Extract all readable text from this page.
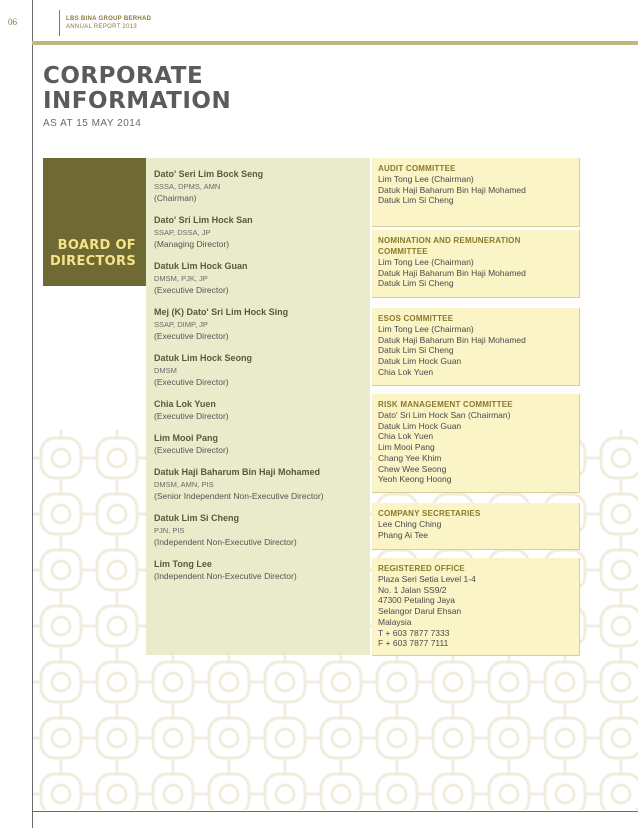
06	LBS BINA GROUP BERHAD
ANNUAL REPORT 2013
CORPORATE
INFORMATION
AS AT 15 MAY 2014
BOARD OF
DIRECTORS
Dato' Seri Lim Bock Seng
SSSA, DPMS, AMN
(Chairman)
Dato' Sri Lim Hock San
SSAP, DSSA, JP
(Managing Director)
Datuk Lim Hock Guan
DMSM, PJK, JP
(Executive Director)
Mej (K) Dato' Sri Lim Hock Sing
SSAP, DIMP, JP
(Executive Director)
Datuk Lim Hock Seong
DMSM
(Executive Director)
Chia Lok Yuen
(Executive Director)
Lim Mooi Pang
(Executive Director)
Datuk Haji Baharum Bin Haji Mohamed
DMSM, AMN, PIS
(Senior Independent Non-Executive Director)
Datuk Lim Si Cheng
PJN, PIS
(Independent Non-Executive Director)
Lim Tong Lee
(Independent Non-Executive Director)
AUDIT COMMITTEE
Lim Tong Lee (Chairman)
Datuk Haji Baharum Bin Haji Mohamed
Datuk Lim Si Cheng
NOMINATION AND REMUNERATION COMMITTEE
Lim Tong Lee (Chairman)
Datuk Haji Baharum Bin Haji Mohamed
Datuk Lim Si Cheng
ESOS COMMITTEE
Lim Tong Lee (Chairman)
Datuk Haji Baharum Bin Haji Mohamed
Datuk Lim Si Cheng
Datuk Lim Hock Guan
Chia Lok Yuen
RISK MANAGEMENT COMMITTEE
Dato' Sri Lim Hock San (Chairman)
Datuk Lim Hock Guan
Chia Lok Yuen
Lim Mooi Pang
Chang Yee Khim
Chew Wee Seong
Yeoh Keong Hoong
COMPANY SECRETARIES
Lee Ching Ching
Phang Ai Tee
REGISTERED OFFICE
Plaza Seri Setia Level 1-4
No. 1 Jalan SS9/2
47300 Petaling Jaya
Selangor Darul Ehsan
Malaysia
T + 603 7877 7333
F + 603 7877 7111
